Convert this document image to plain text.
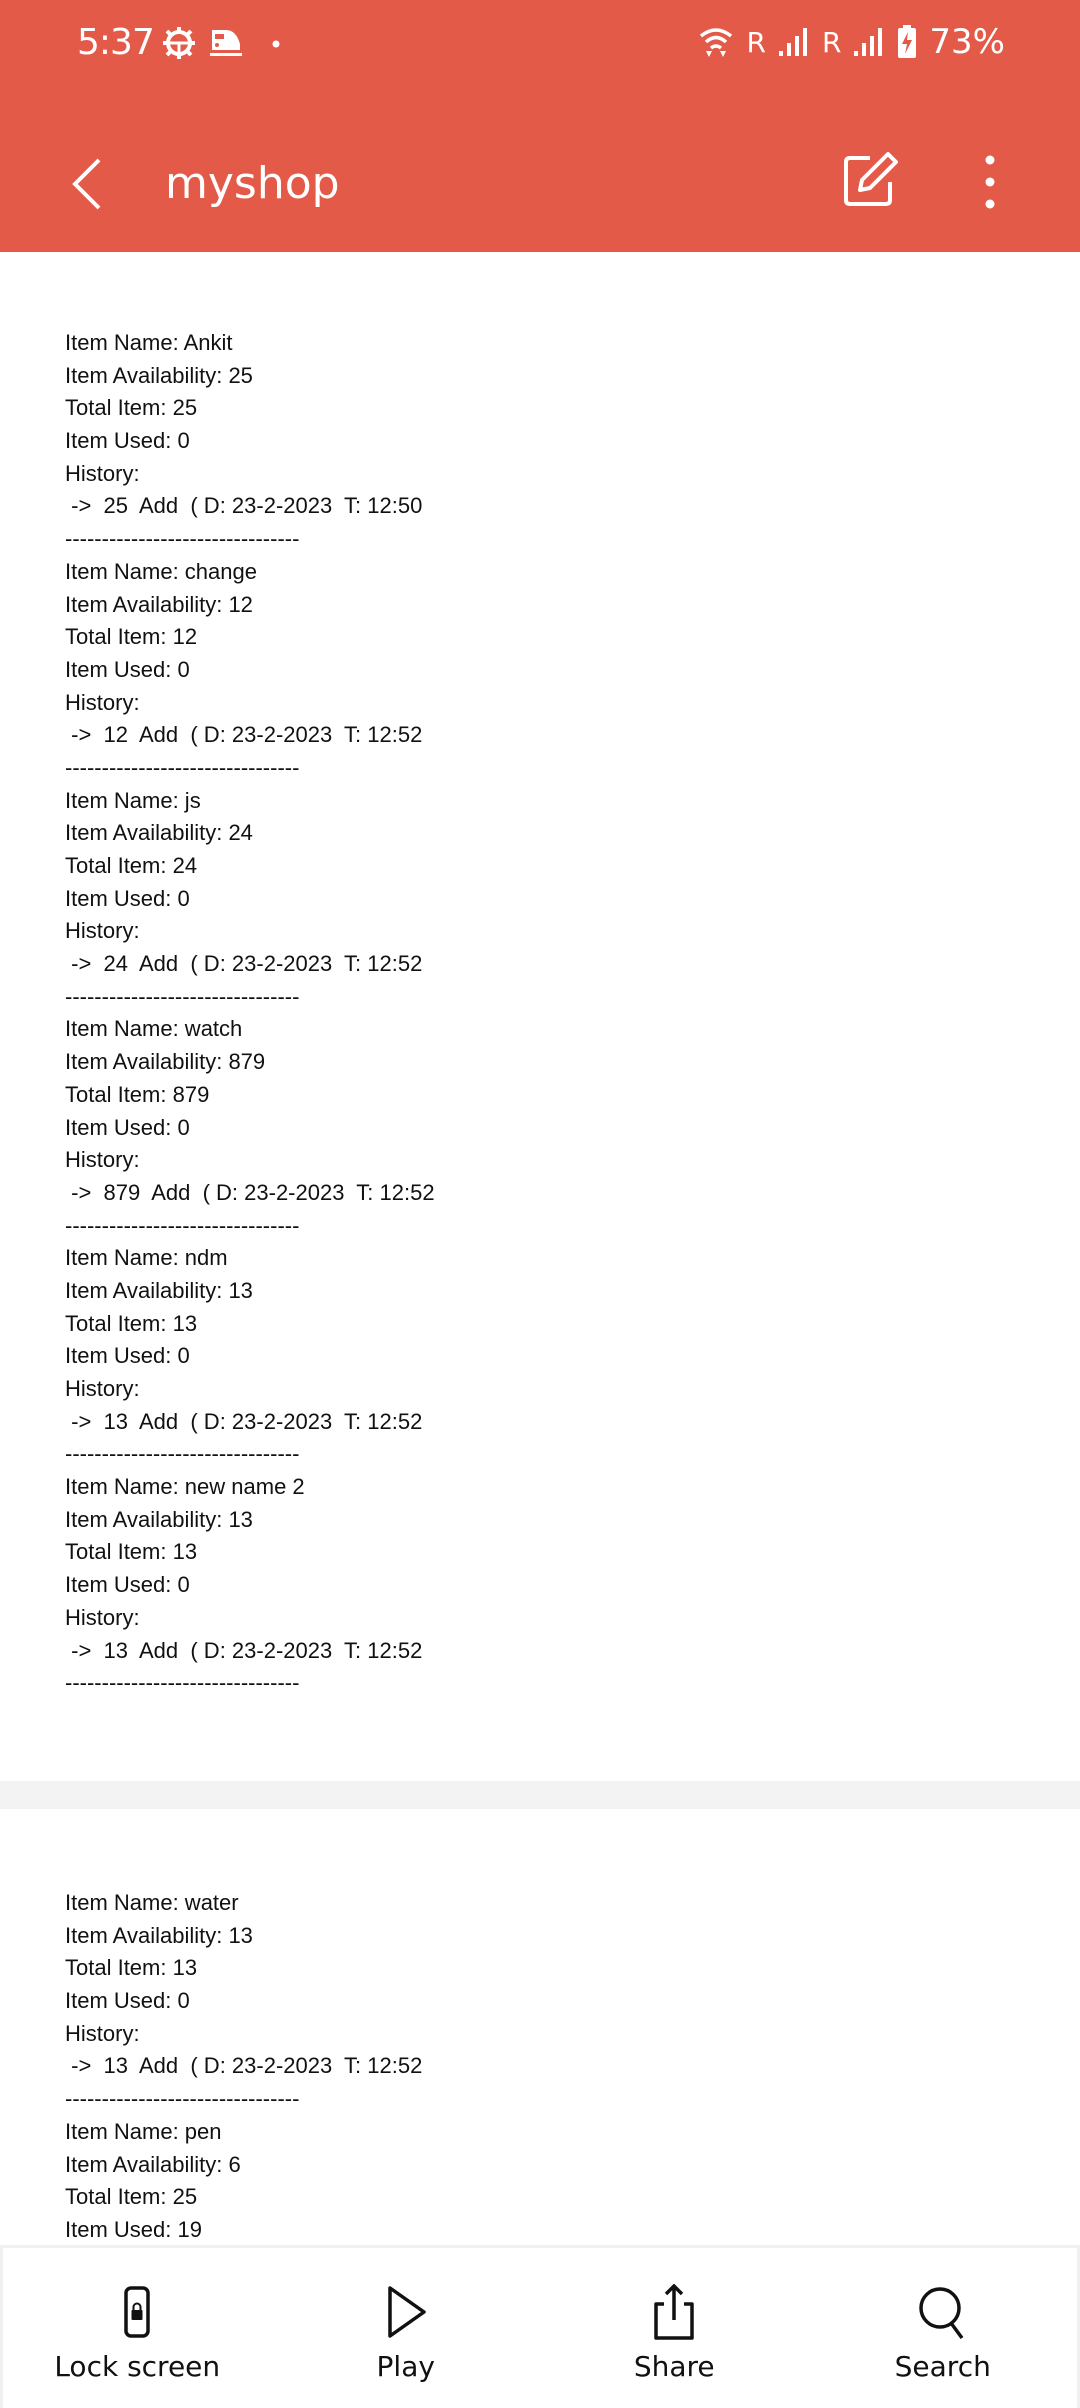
5:37	R R	73%
myshop
Item Name: Ankit
Item Availability: 25
Total Item: 25
Item Used: 0
History:
->  25  Add  ( D: 23-2-2023  T: 12:50
--------------------------------
Item Name: change
Item Availability: 12
Total Item: 12
Item Used: 0
History:
->  12  Add  ( D: 23-2-2023  T: 12:52
--------------------------------
Item Name: js
Item Availability: 24
Total Item: 24
Item Used: 0
History:
->  24  Add  ( D: 23-2-2023  T: 12:52
--------------------------------
Item Name: watch
Item Availability: 879
Total Item: 879
Item Used: 0
History:
->  879  Add  ( D: 23-2-2023  T: 12:52
--------------------------------
Item Name: ndm
Item Availability: 13
Total Item: 13
Item Used: 0
History:
->  13  Add  ( D: 23-2-2023  T: 12:52
--------------------------------
Item Name: new name 2
Item Availability: 13
Total Item: 13
Item Used: 0
History:
->  13  Add  ( D: 23-2-2023  T: 12:52
--------------------------------
Item Name: water
Item Availability: 13
Total Item: 13
Item Used: 0
History:
->  13  Add  ( D: 23-2-2023  T: 12:52
--------------------------------
Item Name: pen
Item Availability: 6
Total Item: 25
Item Used: 19
Lock screen	Play	Share	Search
